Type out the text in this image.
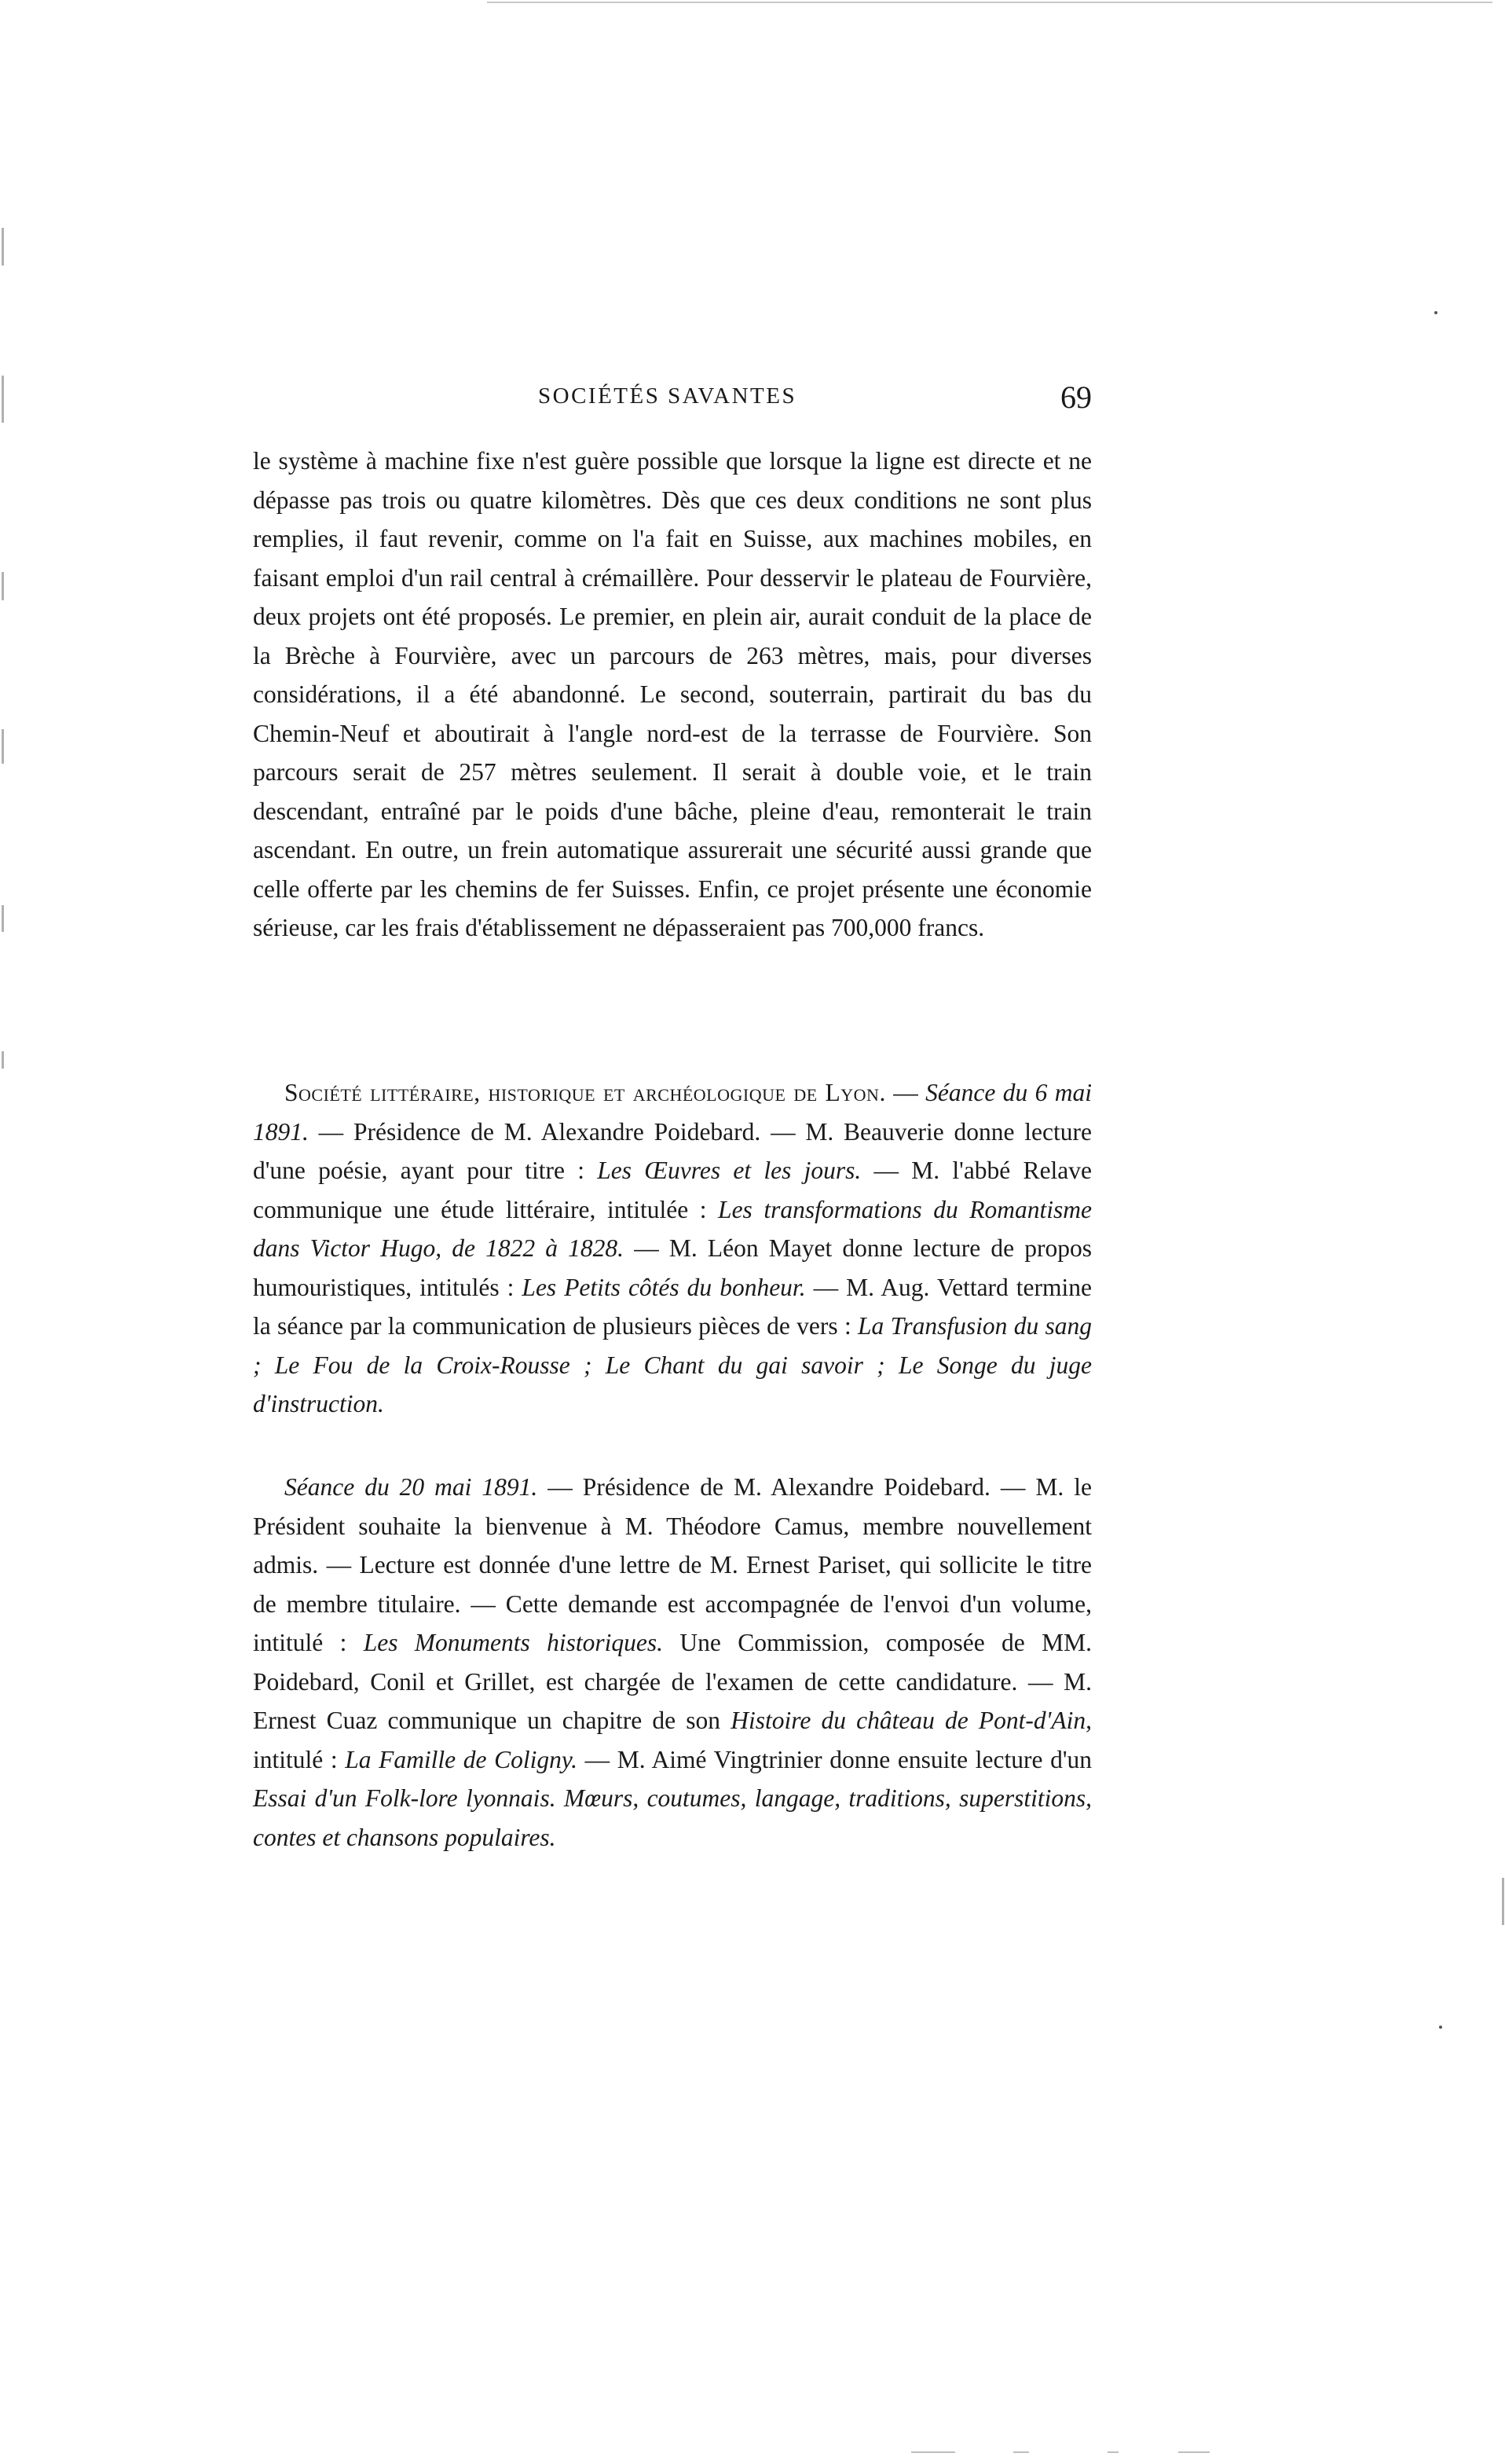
SOCIÉTÉS SAVANTES	69

le système à machine fixe n'est guère possible que lorsque la ligne est directe et ne dépasse pas trois ou quatre kilomètres. Dès que ces deux conditions ne sont plus remplies, il faut revenir, comme on l'a fait en Suisse, aux machines mobiles, en faisant emploi d'un rail central à crémaillère. Pour desservir le plateau de Fourvière, deux projets ont été proposés. Le premier, en plein air, aurait conduit de la place de la Brèche à Fourvière, avec un parcours de 263 mètres, mais, pour diverses considérations, il a été abandonné. Le second, souterrain, partirait du bas du Chemin-Neuf et aboutirait à l'angle nord-est de la terrasse de Fourvière. Son parcours serait de 257 mètres seulement. Il serait à double voie, et le train descendant, entraîné par le poids d'une bâche, pleine d'eau, remonterait le train ascendant. En outre, un frein automatique assurerait une sécurité aussi grande que celle offerte par les chemins de fer Suisses. Enfin, ce projet présente une économie sérieuse, car les frais d'établissement ne dépasseraient pas 700,000 francs.

Société littéraire, historique et archéologique de Lyon. — Séance du 6 mai 1891. — Présidence de M. Alexandre Poidebard. — M. Beauverie donne lecture d'une poésie, ayant pour titre : Les Œuvres et les jours. — M. l'abbé Relave communique une étude littéraire, intitulée : Les transformations du Romantisme dans Victor Hugo, de 1822 à 1828. — M. Léon Mayet donne lecture de propos humouristiques, intitulés : Les Petits côtés du bonheur. — M. Aug. Vettard termine la séance par la communication de plusieurs pièces de vers : La Transfusion du sang ; Le Fou de la Croix-Rousse ; Le Chant du gai savoir ; Le Songe du juge d'instruction.

Séance du 20 mai 1891. — Présidence de M. Alexandre Poidebard. — M. le Président souhaite la bienvenue à M. Théodore Camus, membre nouvellement admis. — Lecture est donnée d'une lettre de M. Ernest Pariset, qui sollicite le titre de membre titulaire. — Cette demande est accompagnée de l'envoi d'un volume, intitulé : Les Monuments historiques. Une Commission, composée de MM. Poidebard, Conil et Grillet, est chargée de l'examen de cette candidature. — M. Ernest Cuaz communique un chapitre de son Histoire du château de Pont-d'Ain, intitulé : La Famille de Coligny. — M. Aimé Vingtrinier donne ensuite lecture d'un Essai d'un Folk-lore lyonnais. Mœurs, coutumes, langage, traditions, superstitions, contes et chansons populaires.
